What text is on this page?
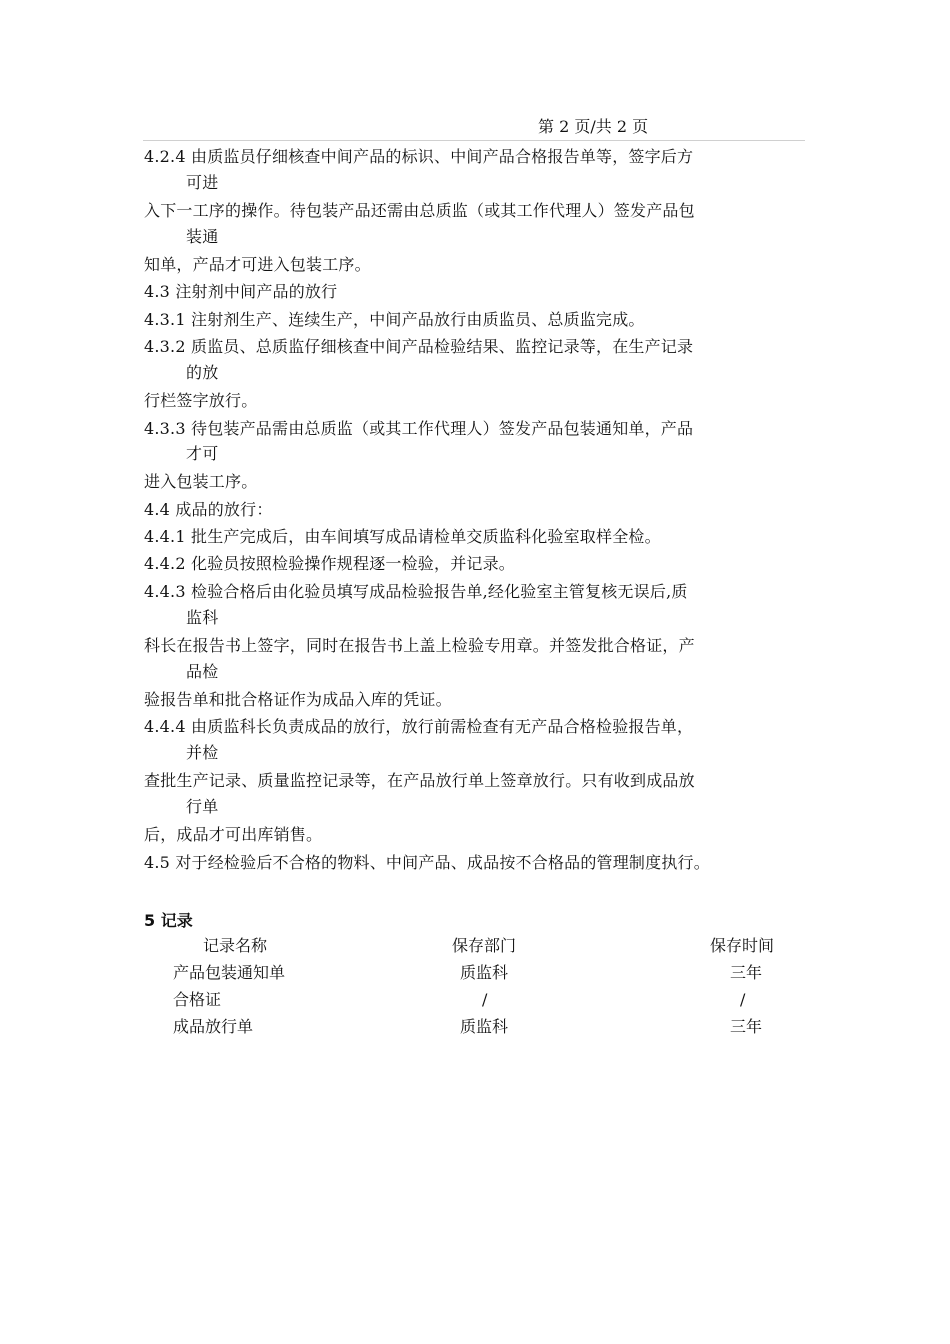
第 2 页/共 2 页
4.2.4 由质监员仔细核查中间产品的标识、中间产品合格报告单等，签字后方
可进
入下一工序的操作。待包装产品还需由总质监（或其工作代理人）签发产品包
装通
知单，产品才可进入包装工序。
4.3 注射剂中间产品的放行
4.3.1 注射剂生产、连续生产，中间产品放行由质监员、总质监完成。
4.3.2 质监员、总质监仔细核查中间产品检验结果、监控记录等，在生产记录
的放
行栏签字放行。
4.3.3 待包装产品需由总质监（或其工作代理人）签发产品包装通知单，产品
才可
进入包装工序。
4.4 成品的放行：
4.4.1 批生产完成后，由车间填写成品请检单交质监科化验室取样全检。
4.4.2 化验员按照检验操作规程逐一检验，并记录。
4.4.3 检验合格后由化验员填写成品检验报告单,经化验室主管复核无误后,质
监科
科长在报告书上签字，同时在报告书上盖上检验专用章。并签发批合格证，产
品检
验报告单和批合格证作为成品入库的凭证。
4.4.4 由质监科长负责成品的放行，放行前需检查有无产品合格检验报告单，
并检
查批生产记录、质量监控记录等，在产品放行单上签章放行。只有收到成品放
行单
后，成品才可出库销售。
4.5 对于经检验后不合格的物料、中间产品、成品按不合格品的管理制度执行。
5 记录
记录名称	保存部门	保存时间
产品包装通知单	质监科	三年
合格证	/	/
成品放行单	质监科	三年
